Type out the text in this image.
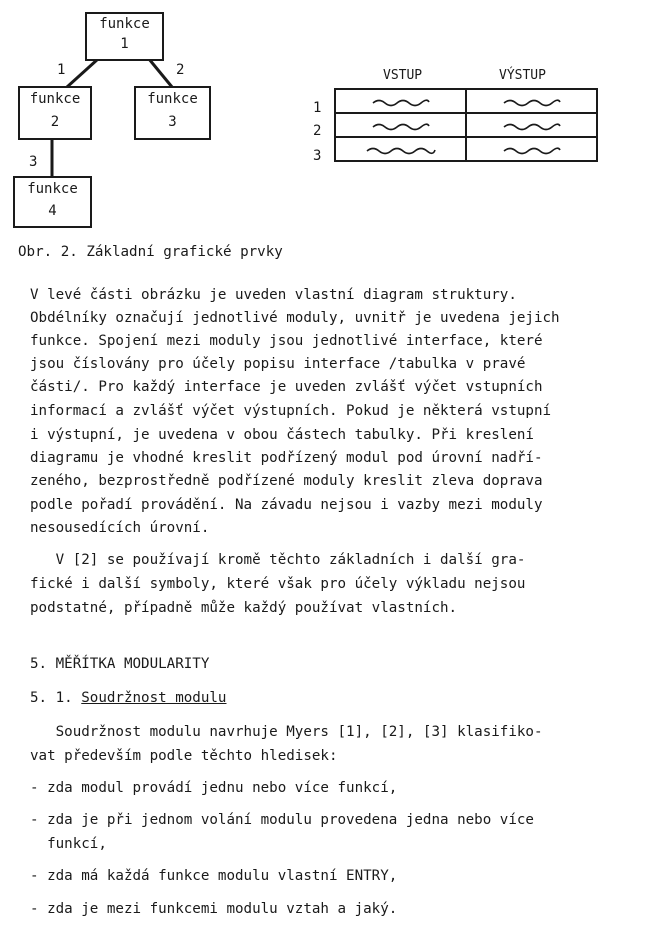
funkce
1
funkce
2
funkce
3
funkce
4
1	2
3
VSTUP	VÝSTUP
1
2
3

Obr. 2. Základní grafické prvky
V levé části obrázku je uveden vlastní diagram struktury.
Obdélníky označují jednotlivé moduly, uvnitř je uvedena jejich
funkce. Spojení mezi moduly jsou jednotlivé interface, které
jsou číslovány pro účely popisu interface /tabulka v pravé
části/. Pro každý interface je uveden zvlášť výčet vstupních
informací a zvlášť výčet výstupních. Pokud je některá vstupní
i výstupní, je uvedena v obou částech tabulky. Při kreslení
diagramu je vhodné kreslit podřízený modul pod úrovní nadří-
zeného, bezprostředně podřízené moduly kreslit zleva doprava
podle pořadí provádění. Na závadu nejsou i vazby mezi moduly
nesousedících úrovní.
V [2] se používají kromě těchto základních i další gra-
fické i další symboly, které však pro účely výkladu nejsou
podstatné, případně může každý používat vlastních.
5. MĚŘÍTKA MODULARITY
5. 1. Soudržnost modulu
Soudržnost modulu navrhuje Myers [1], [2], [3] klasifiko-
vat především podle těchto hledisek:
- zda modul provádí jednu nebo více funkcí,
- zda je při jednom volání modulu provedena jedna nebo více
funkcí,
- zda má každá funkce modulu vlastní ENTRY,
- zda je mezi funkcemi modulu vztah a jaký.
